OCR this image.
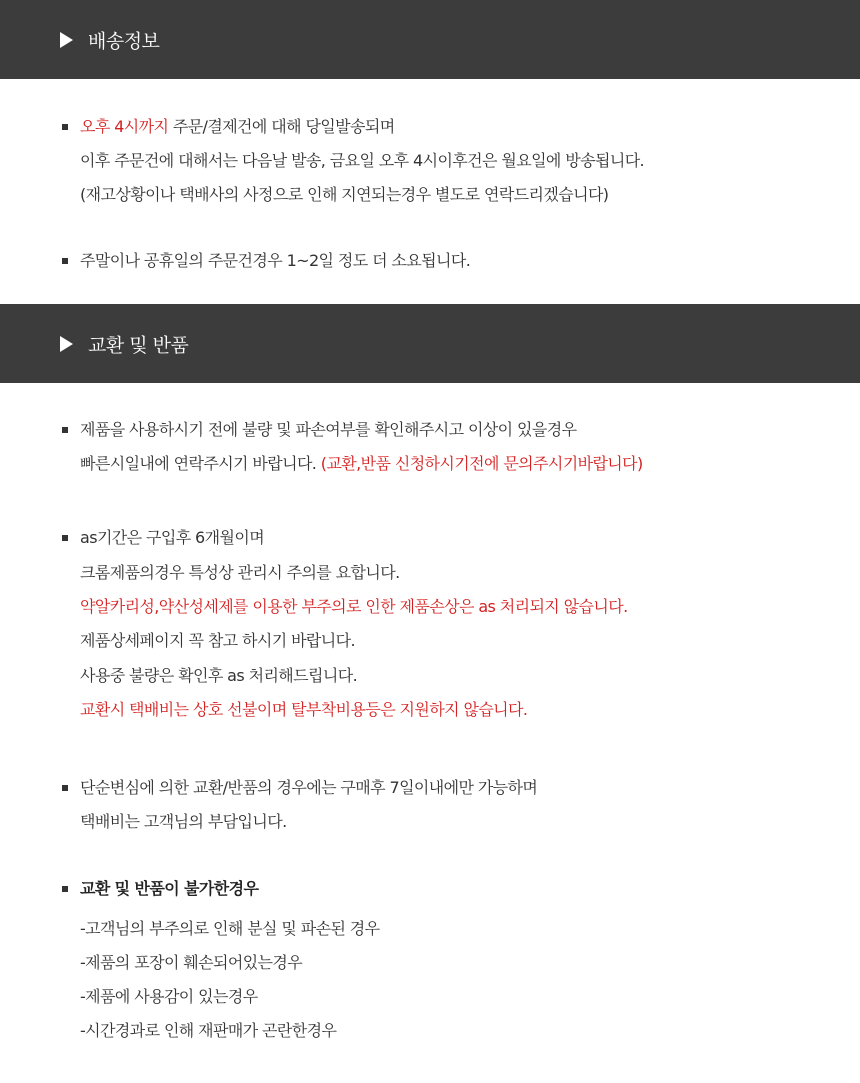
배송정보
오후 4시까지 주문/결제건에 대해 당일발송되며
이후 주문건에 대해서는 다음날 발송, 금요일 오후 4시이후건은 월요일에 방송됩니다.
(재고상황이나 택배사의 사정으로 인해 지연되는경우 별도로 연락드리겠습니다)
주말이나 공휴일의 주문건경우 1~2일 정도 더 소요됩니다.
교환 및 반품
제품을 사용하시기 전에 불량 및 파손여부를 확인해주시고 이상이 있을경우
빠른시일내에 연락주시기 바랍니다. (교환,반품 신청하시기전에 문의주시기바랍니다)
as기간은 구입후 6개월이며
크롬제품의경우 특성상 관리시 주의를 요합니다.
약알카리성,약산성세제를 이용한 부주의로 인한 제품손상은 as 처리되지 않습니다.
제품상세페이지 꼭 참고 하시기 바랍니다.
사용중 불량은 확인후 as 처리해드립니다.
교환시 택배비는 상호 선불이며 탈부착비용등은 지원하지 않습니다.
단순변심에 의한 교환/반품의 경우에는 구매후 7일이내에만 가능하며
택배비는 고객님의 부담입니다.
교환 및 반품이 불가한경우
-고객님의 부주의로 인해 분실 및 파손된 경우
-제품의 포장이 훼손되어있는경우
-제품에 사용감이 있는경우
-시간경과로 인해 재판매가 곤란한경우
